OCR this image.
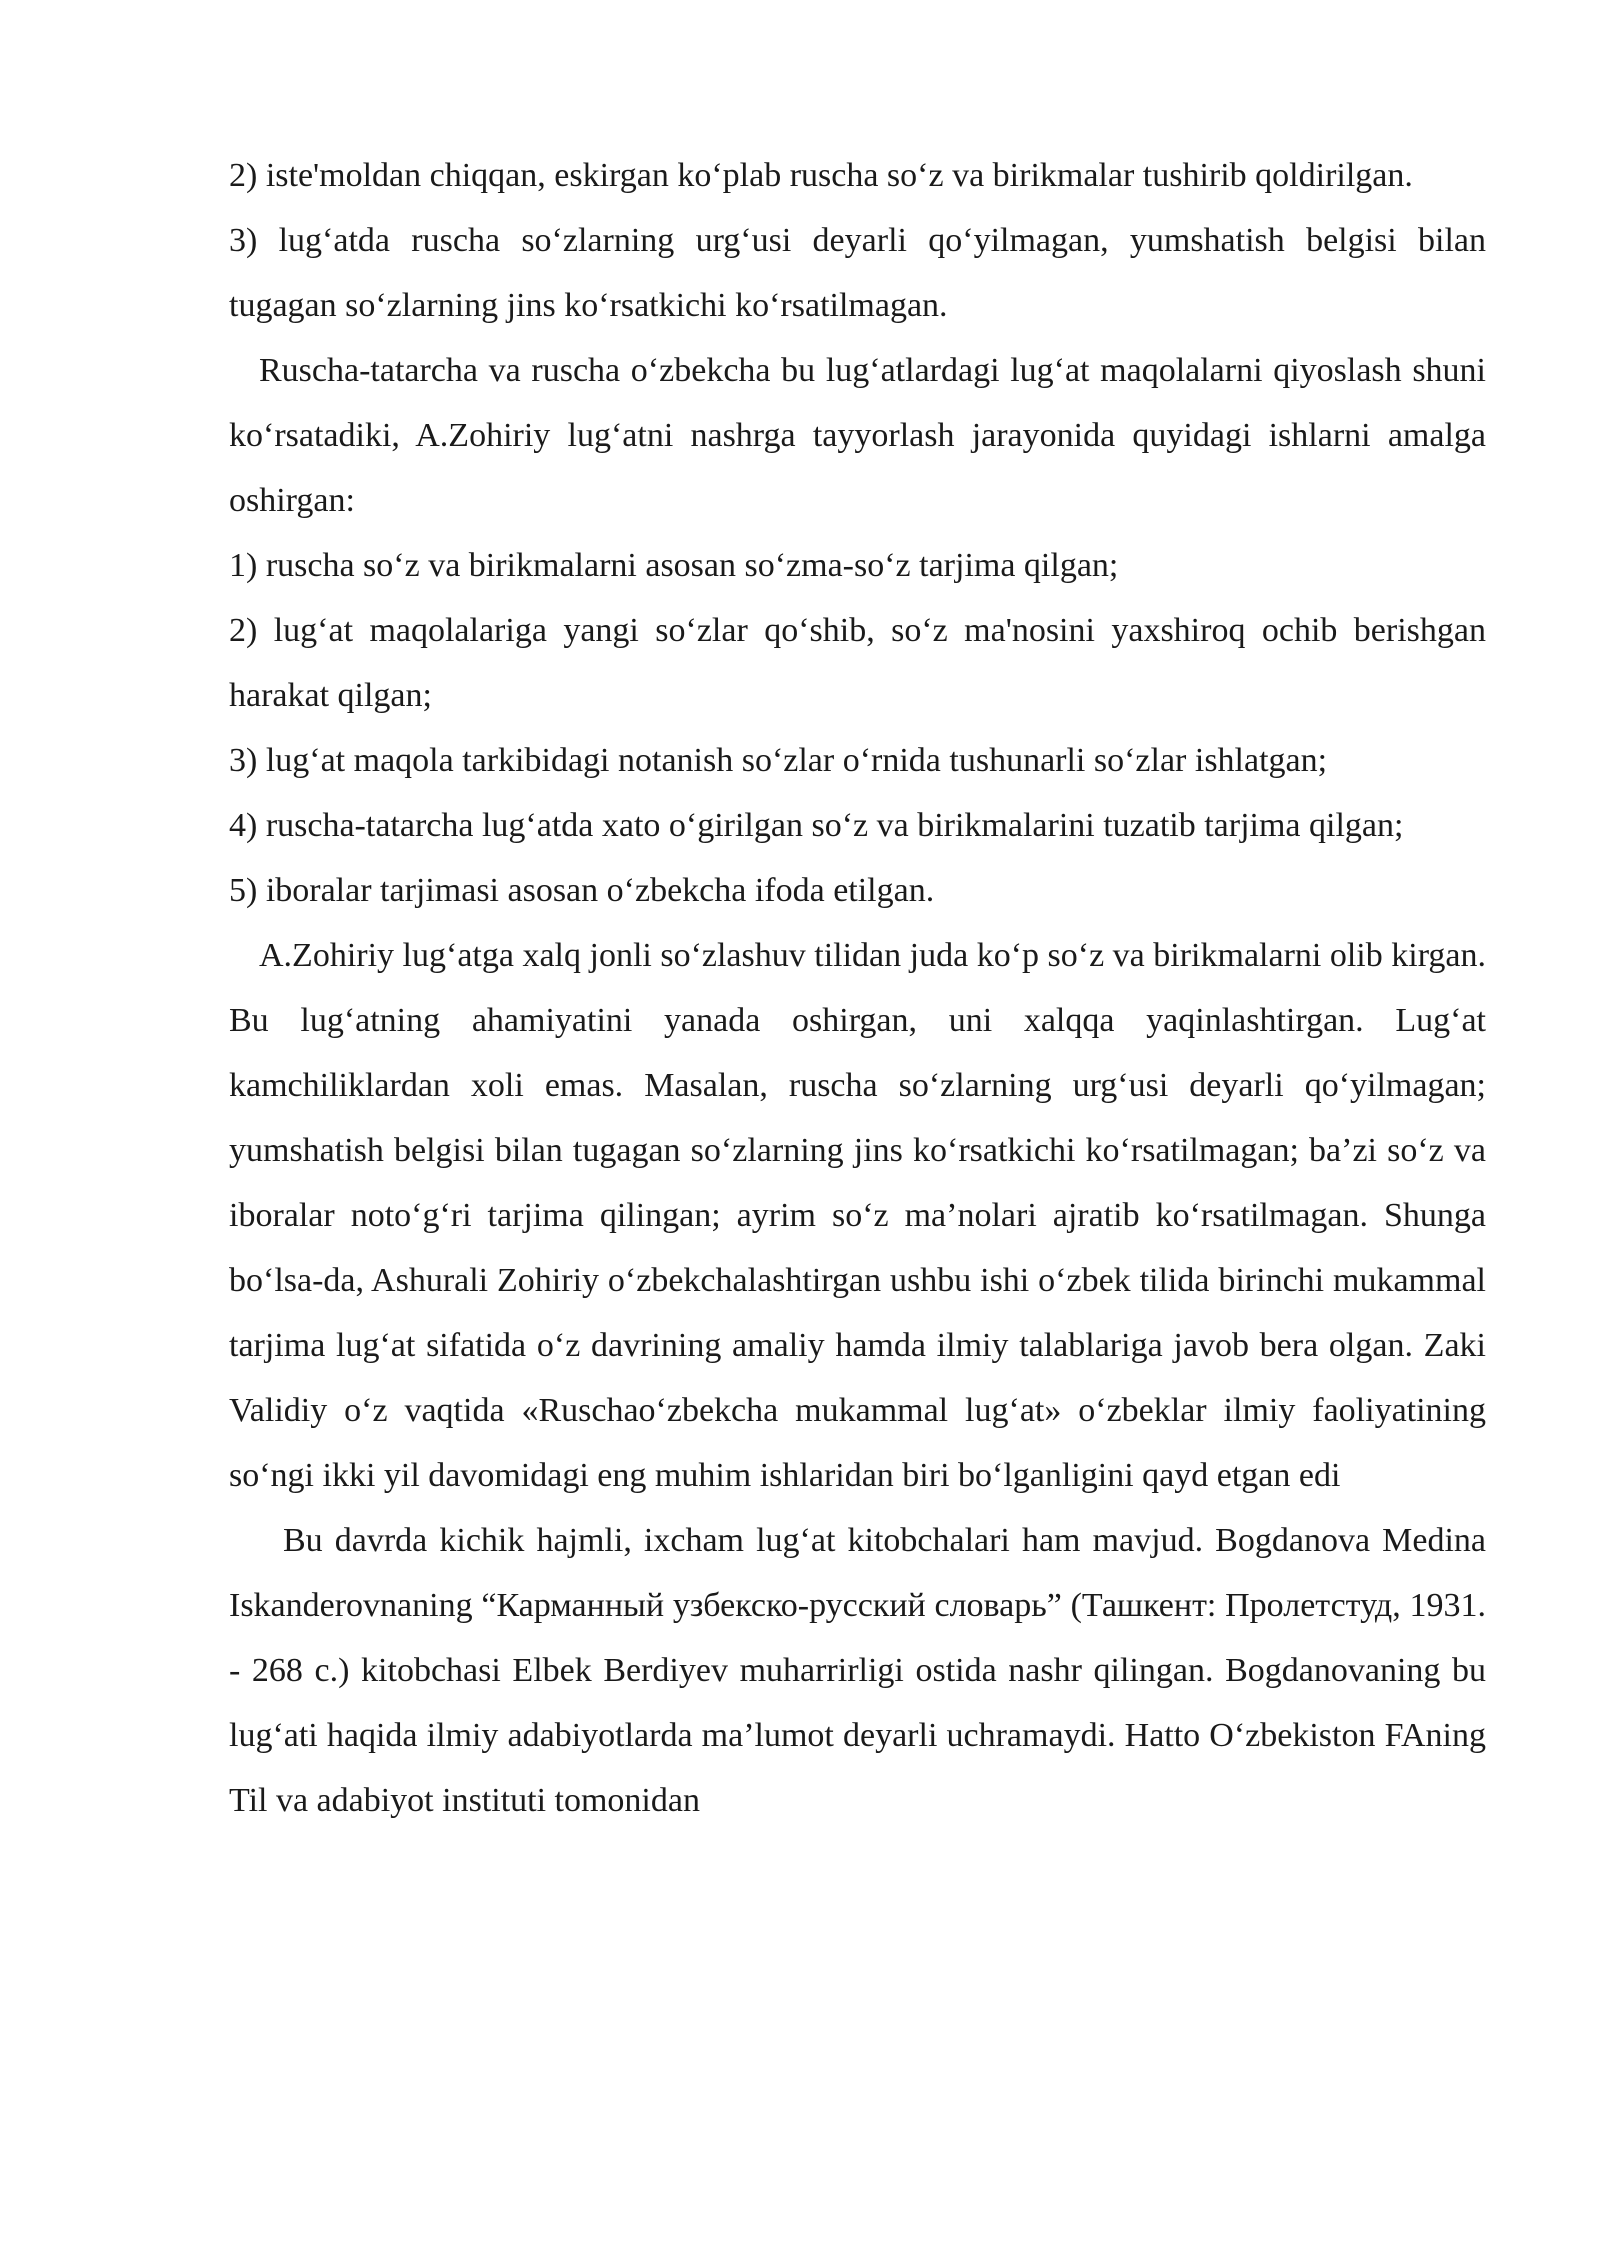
2) iste'moldan chiqqan, eskirgan koʻplab ruscha soʻz va birikmalar tushirib qoldirilgan.

3) lugʻatda ruscha soʻzlarning urgʻusi deyarli qoʻyilmagan, yumshatish belgisi bilan tugagan soʻzlarning jins koʻrsatkichi koʻrsatilmagan.

Ruscha-tatarcha va ruscha oʻzbekcha bu lugʻatlardagi lugʻat maqolalarni qiyoslash shuni koʻrsatadiki, A.Zohiriy lugʻatni nashrga tayyorlash jarayonida quyidagi ishlarni amalga oshirgan:

1) ruscha soʻz va birikmalarni asosan soʻzma-soʻz tarjima qilgan;

2) lugʻat maqolalariga yangi soʻzlar qoʻshib, soʻz ma'nosini yaxshiroq ochib berishgan harakat qilgan;

3) lugʻat maqola tarkibidagi notanish soʻzlar oʻrnida tushunarli soʻzlar ishlatgan;

4) ruscha-tatarcha lugʻatda xato oʻgirilgan soʻz va birikmalarini tuzatib tarjima qilgan;

5) iboralar tarjimasi asosan oʻzbekcha ifoda etilgan.

A.Zohiriy lugʻatga xalq jonli soʻzlashuv tilidan juda koʻp soʻz va birikmalarni olib kirgan. Bu lugʻatning ahamiyatini yanada oshirgan, uni xalqqa yaqinlashtirgan. Lugʻat kamchiliklardan xoli emas. Masalan, ruscha soʻzlarning urgʻusi deyarli qoʻyilmagan; yumshatish belgisi bilan tugagan soʻzlarning jins koʻrsatkichi koʻrsatilmagan; ba’zi soʻz va iboralar notoʻgʻri tarjima qilingan; ayrim soʻz ma’nolari ajratib koʻrsatilmagan. Shunga boʻlsa-da, Ashurali Zohiriy oʻzbekchalashtirgan ushbu ishi oʻzbek tilida birinchi mukammal tarjima lugʻat sifatida oʻz davrining amaliy hamda ilmiy talablariga javob bera olgan. Zaki Validiy oʻz vaqtida «Ruschaoʻzbekcha mukammal lugʻat» oʻzbeklar ilmiy faoliyatining soʻngi ikki yil davomidagi eng muhim ishlaridan biri boʻlganligini qayd etgan edi

Bu davrda kichik hajmli, ixcham lugʻat kitobchalari ham mavjud. Bogdanova Medina Iskanderovnaning “Карманный узбекско-русский словарь” (Ташкент: Пролетстуд, 1931. - 268 с.) kitobchasi Elbek Berdiyev muharrirligi ostida nashr qilingan. Bogdanovaning bu lugʻati haqida ilmiy adabiyotlarda ma’lumot deyarli uchramaydi. Hatto Oʻzbekiston FAning Til va adabiyot instituti tomonidan
